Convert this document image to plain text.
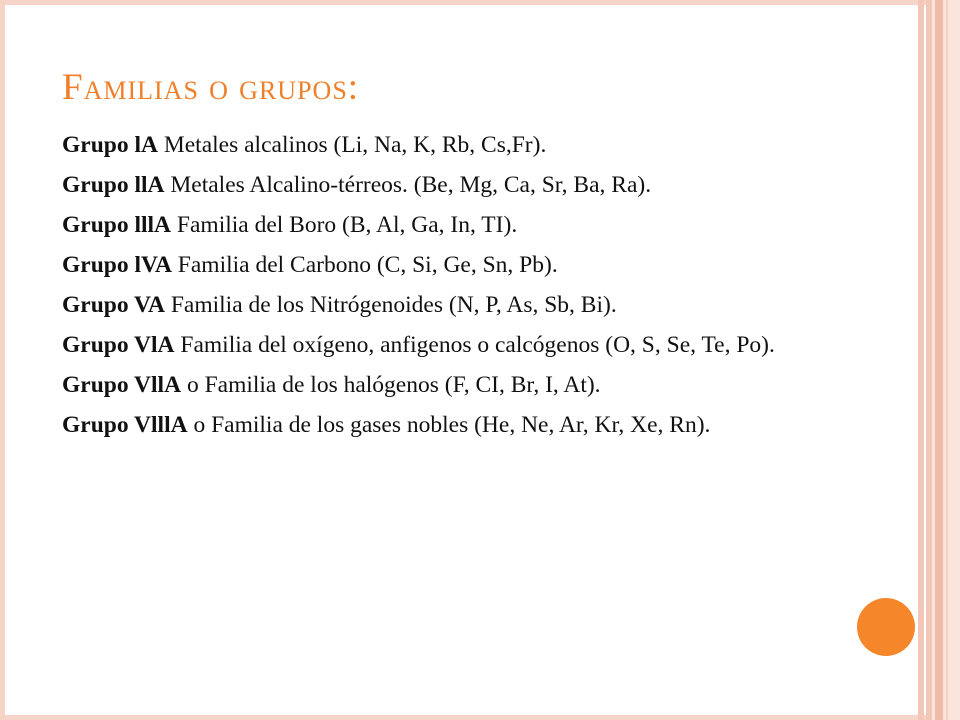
Familias o grupos:

Grupo lA Metales alcalinos (Li, Na, K, Rb, Cs,Fr).

Grupo llA Metales Alcalino-térreos. (Be, Mg, Ca, Sr, Ba, Ra).

Grupo lllA Familia del Boro (B, Al, Ga, In, TI).

Grupo lVA Familia del Carbono (C, Si, Ge, Sn, Pb).

Grupo VA Familia de los Nitrógenoides (N, P, As, Sb, Bi).

Grupo VlA Familia del oxígeno, anfigenos o calcógenos (O, S, Se, Te, Po).

Grupo VllA o Familia de los halógenos (F, CI, Br, I, At).

Grupo VlllA o Familia de los gases nobles (He, Ne, Ar, Kr, Xe, Rn).
